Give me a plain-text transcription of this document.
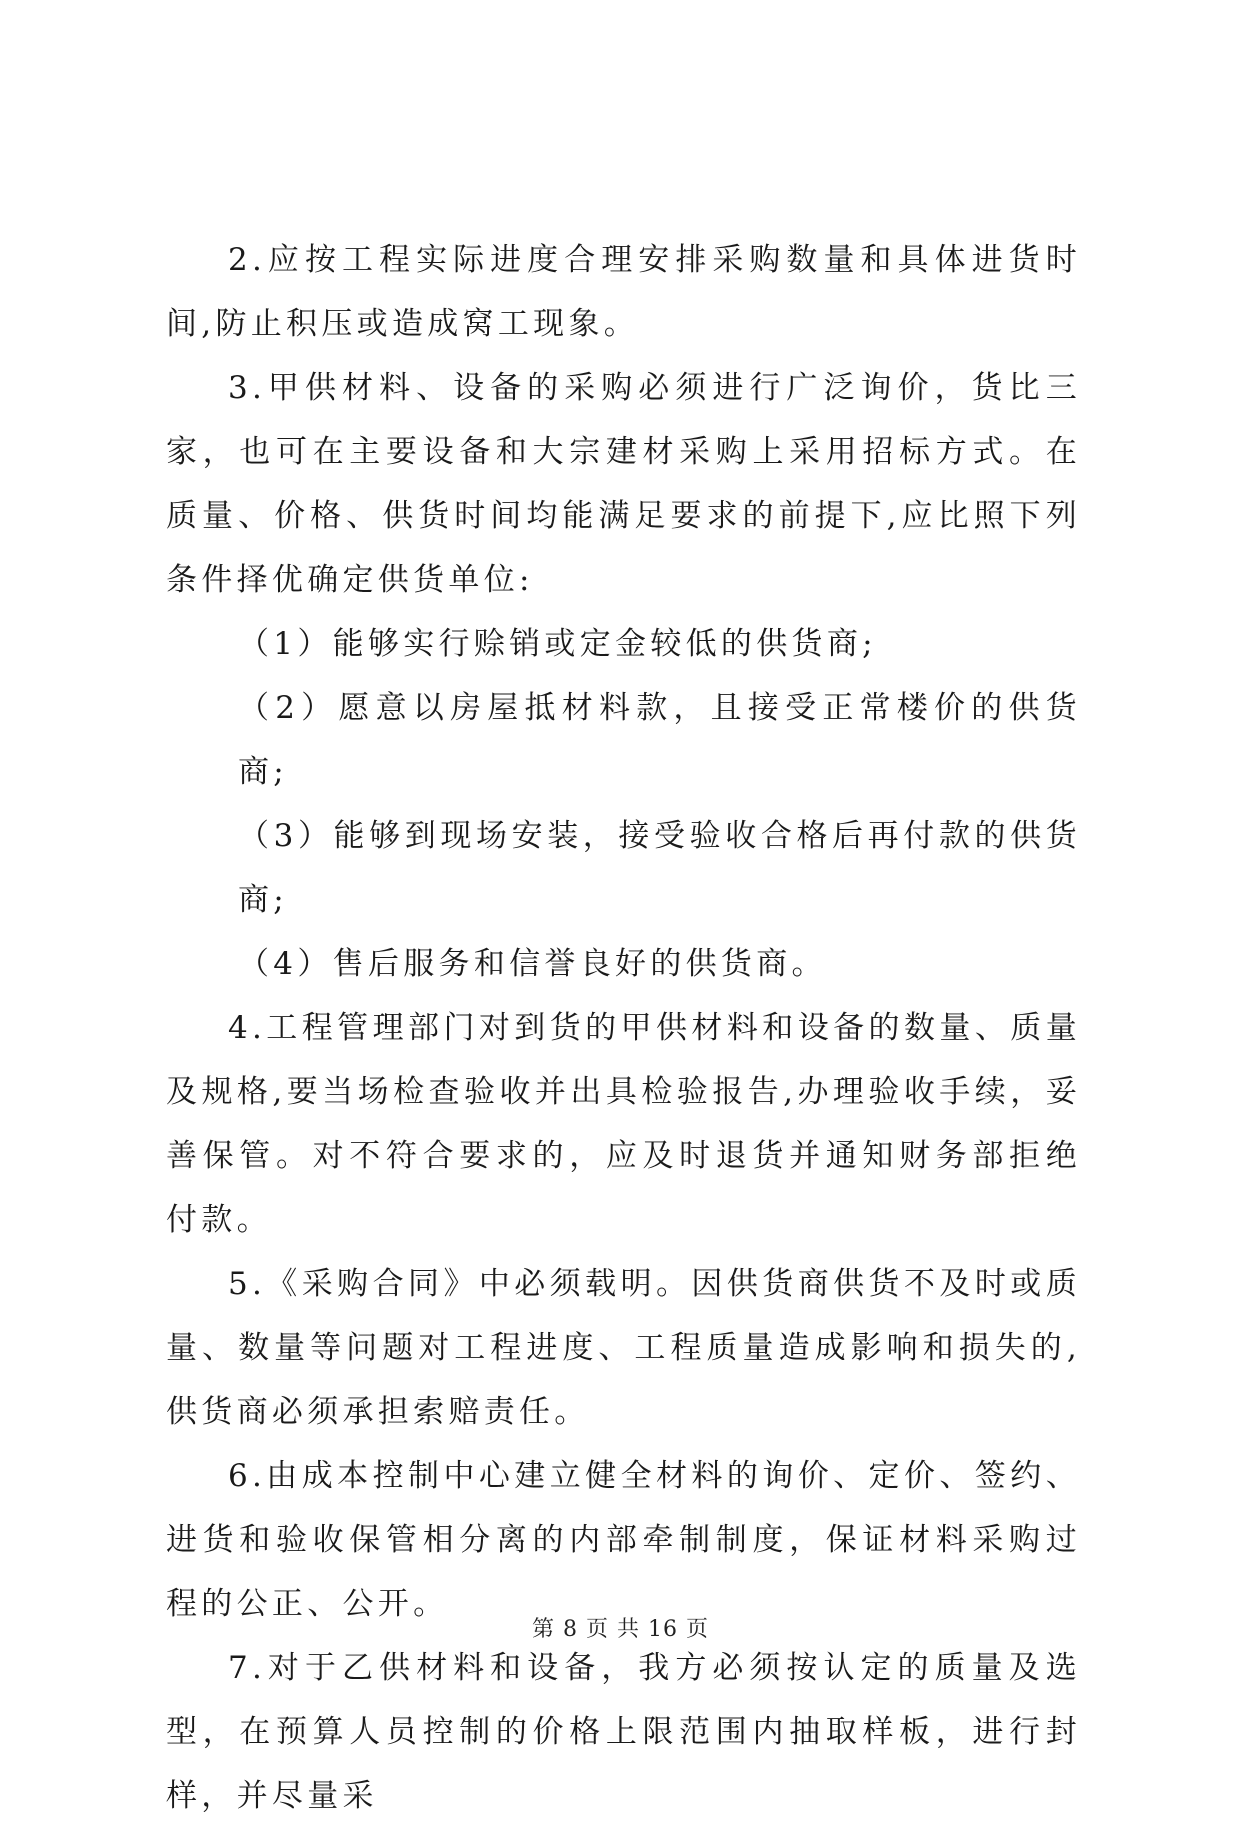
2.应按工程实际进度合理安排采购数量和具体进货时间,防止积压或造成窝工现象。

3.甲供材料、设备的采购必须进行广泛询价，货比三家，也可在主要设备和大宗建材采购上采用招标方式。在质量、价格、供货时间均能满足要求的前提下,应比照下列条件择优确定供货单位:

（1）能够实行赊销或定金较低的供货商;

（2）愿意以房屋抵材料款，且接受正常楼价的供货商;

（3）能够到现场安装，接受验收合格后再付款的供货商;

（4）售后服务和信誉良好的供货商。

4.工程管理部门对到货的甲供材料和设备的数量、质量及规格,要当场检查验收并出具检验报告,办理验收手续，妥善保管。对不符合要求的，应及时退货并通知财务部拒绝付款。

5.《采购合同》中必须载明。因供货商供货不及时或质量、数量等问题对工程进度、工程质量造成影响和损失的,供货商必须承担索赔责任。

6.由成本控制中心建立健全材料的询价、定价、签约、进货和验收保管相分离的内部牵制制度，保证材料采购过程的公正、公开。

7.对于乙供材料和设备，我方必须按认定的质量及选型，在预算人员控制的价格上限范围内抽取样板，进行封样，并尽量采

第 8 页 共 16 页
